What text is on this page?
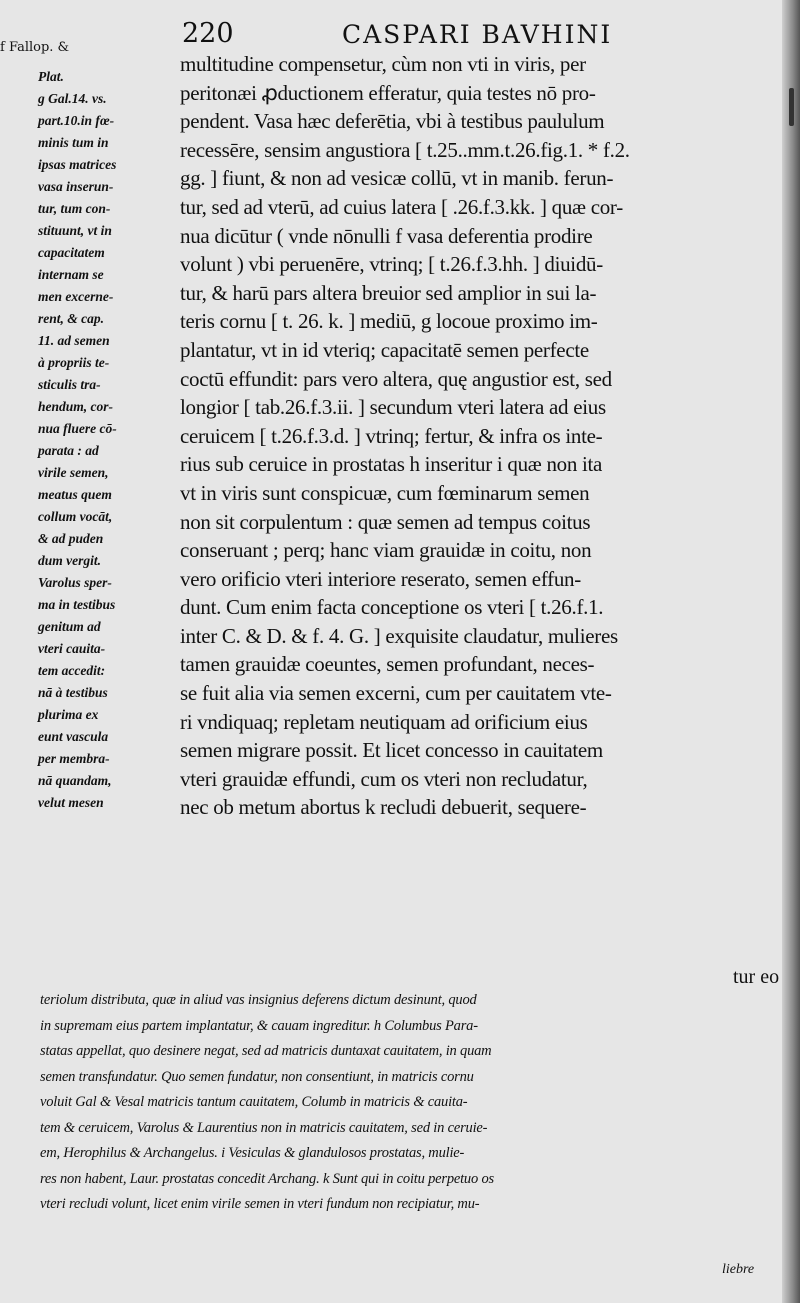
f Fallop. &	220	CASPARI BAVHINI
Plat.
g Gal.14. vs.
part.10.in fœ-
minis tum in
ipsas matrices
vasa inserun-
tur, tum con-
stituunt, vt in
capacitatem
internam se
men excerne-
rent, & cap.
11. ad semen
à propriis te-
sticulis tra-
hendum, cor-
nua fluere cō-
parata : ad
virile semen,
meatus quem
collum vocāt,
& ad puden
dum vergit.
Varolus sper-
ma in testibus
genitum ad
vteri cauita-
tem accedit:
nā à testibus
plurima ex
eunt vascula
per membra-
nā quandam,
velut mesen
multitudine compensetur, cùm non vti in viris, per
peritonæi ꝓductionem efferatur, quia testes nō pro-
pendent. Vasa hæc deferētia, vbi à testibus paululum
recessēre, sensim angustiora [ t.25..mm.t.26.fig.1. * f.2.
gg. ] fiunt, & non ad vesicæ collū, vt in manib. ferun-
tur, sed ad vterū, ad cuius latera [ .26.f.3.kk. ] quæ cor-
nua dicūtur ( vnde nōnulli f vasa deferentia prodire
volunt ) vbi peruenēre, vtrinq; [ t.26.f.3.hh. ] diuidū-
tur, & harū pars altera breuior sed amplior in sui la-
teris cornu [ t. 26. k. ] mediū, g locoue proximo im-
plantatur, vt in id vteriq; capacitatē semen perfecte
coctū effundit: pars vero altera, quę angustior est, sed
longior [ tab.26.f.3.ii. ] secundum vteri latera ad eius
ceruicem [ t.26.f.3.d. ] vtrinq; fertur, & infra os inte-
rius sub ceruice in prostatas h inseritur i quæ non ita
vt in viris sunt conspicuæ, cum fœminarum semen
non sit corpulentum : quæ semen ad tempus coitus
conseruant ; perq; hanc viam grauidæ in coitu, non
vero orificio vteri interiore reserato, semen effun-
dunt. Cum enim facta conceptione os vteri [ t.26.f.1.
inter C. & D. & f. 4. G. ] exquisite claudatur, mulieres
tamen grauidæ coeuntes, semen profundant, neces-
se fuit alia via semen excerni, cum per cauitatem vte-
ri vndiquaq; repletam neutiquam ad orificium eius
semen migrare possit. Et licet concesso in cauitatem
vteri grauidæ effundi, cum os vteri non recludatur,
nec ob metum abortus k recludi debuerit, sequere-
tur eo
teriolum distributa, quæ in aliud vas insignius deferens dictum desinunt, quod
in supremam eius partem implantatur, & cauam ingreditur. h Columbus Para-
statas appellat, quo desinere negat, sed ad matricis duntaxat cauitatem, in quam
semen transfundatur. Quo semen fundatur, non consentiunt, in matricis cornu
voluit Gal & Vesal matricis tantum cauitatem, Columb in matricis & cauita-
tem & ceruicem, Varolus & Laurentius non in matricis cauitatem, sed in ceruie-
em, Herophilus & Archangelus. i Vesiculas & glandulosos prostatas, mulie-
res non habent, Laur. prostatas concedit Archang. k Sunt qui in coitu perpetuo os
vteri recludi volunt, licet enim virile semen in vteri fundum non recipiatur, mu-
liebre
